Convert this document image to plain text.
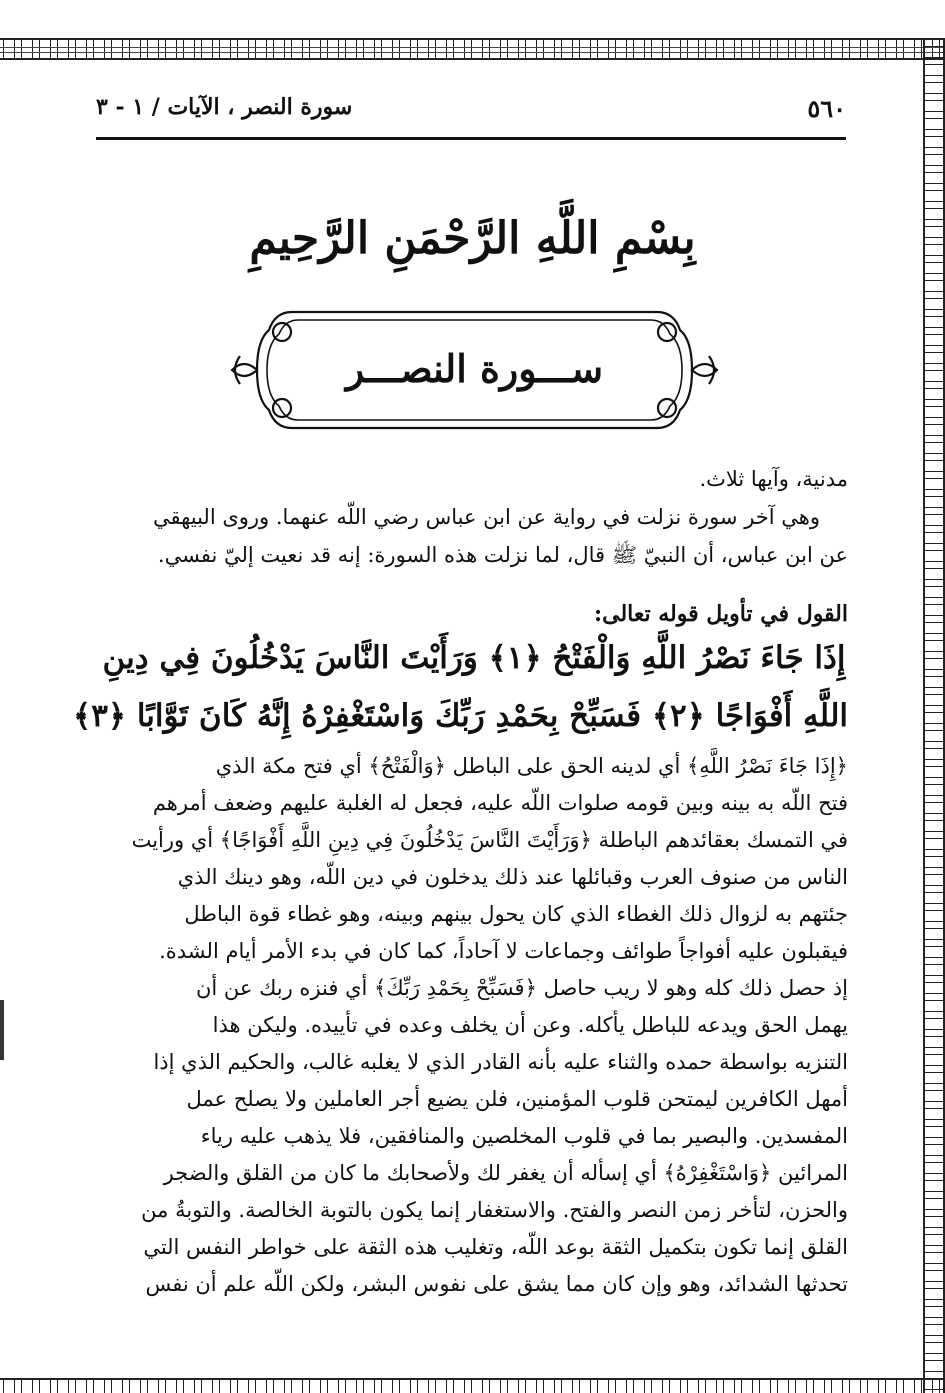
٥٦٠
سورة النصر ، الآيات / ١ - ٣
بِسْمِ اللَّهِ الرَّحْمَنِ الرَّحِيمِ
ســـورة النصـــر
مدنية، وآيها ثلاث.
وهي آخر سورة نزلت في رواية عن ابن عباس رضي اللّه عنهما. وروى البيهقي
عن ابن عباس، أن النبيّ ﷺ قال، لما نزلت هذه السورة: إنه قد نعيت إليّ نفسي.
القول في تأويل قوله تعالى:
إِذَا جَاءَ نَصْرُ اللَّهِ وَالْفَتْحُ ﴿١﴾ وَرَأَيْتَ النَّاسَ يَدْخُلُونَ فِي دِينِ
اللَّهِ أَفْوَاجًا ﴿٢﴾ فَسَبِّحْ بِحَمْدِ رَبِّكَ وَاسْتَغْفِرْهُ إِنَّهُ كَانَ تَوَّابًا ﴿٣﴾
﴿إِذَا جَاءَ نَصْرُ اللَّهِ﴾ أي لدينه الحق على الباطل ﴿وَالْفَتْحُ﴾ أي فتح مكة الذي
فتح اللّه به بينه وبين قومه صلوات اللّه عليه، فجعل له الغلبة عليهم وضعف أمرهم
في التمسك بعقائدهم الباطلة ﴿وَرَأَيْتَ النَّاسَ يَدْخُلُونَ فِي دِينِ اللَّهِ أَفْوَاجًا﴾ أي ورأيت
الناس من صنوف العرب وقبائلها عند ذلك يدخلون في دين اللّه، وهو دينك الذي
جئتهم به لزوال ذلك الغطاء الذي كان يحول بينهم وبينه، وهو غطاء قوة الباطل
فيقبلون عليه أفواجاً طوائف وجماعات لا آحاداً، كما كان في بدء الأمر أيام الشدة.
إذ حصل ذلك كله وهو لا ريب حاصل ﴿فَسَبِّحْ بِحَمْدِ رَبِّكَ﴾ أي فنزه ربك عن أن
يهمل الحق ويدعه للباطل يأكله. وعن أن يخلف وعده في تأييده. وليكن هذا
التنزيه بواسطة حمده والثناء عليه بأنه القادر الذي لا يغلبه غالب، والحكيم الذي إذا
أمهل الكافرين ليمتحن قلوب المؤمنين، فلن يضيع أجر العاملين ولا يصلح عمل
المفسدين. والبصير بما في قلوب المخلصين والمنافقين، فلا يذهب عليه رياء
المرائين ﴿وَاسْتَغْفِرْهُ﴾ أي إسأله أن يغفر لك ولأصحابك ما كان من القلق والضجر
والحزن، لتأخر زمن النصر والفتح. والاستغفار إنما يكون بالتوبة الخالصة. والتوبةُ من
القلق إنما تكون بتكميل الثقة بوعد اللّه، وتغليب هذه الثقة على خواطر النفس التي
تحدثها الشدائد، وهو وإن كان مما يشق على نفوس البشر، ولكن اللّه علم أن نفس
